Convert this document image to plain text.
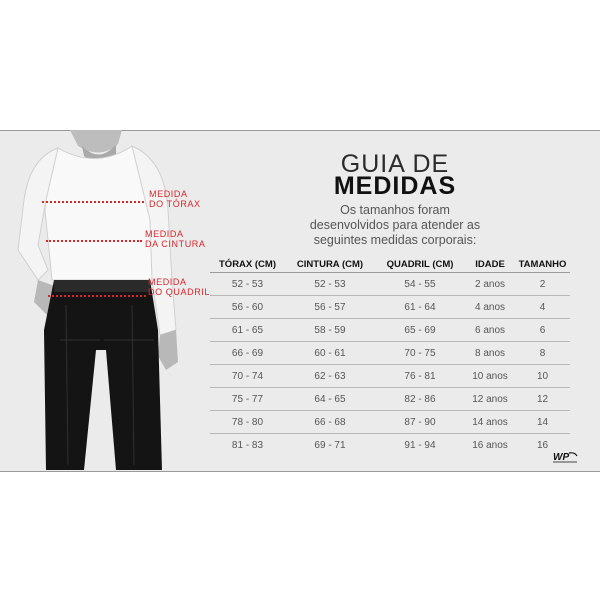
MEDIDA
DO TÓRAX
MEDIDA
DA CINTURA
MEDIDA
DO QUADRIL
GUIA DE
MEDIDAS
Os tamanhos foram
desenvolvidos para atender as
seguintes medidas corporais:
TÓRAX (CM)	CINTURA (CM)	QUADRIL (CM)	IDADE	TAMANHO
52 - 53	52 - 53	54 - 55	2 anos	2
56 - 60	56 - 57	61 - 64	4 anos	4
61 - 65	58 - 59	65 - 69	6 anos	6
66 - 69	60 - 61	70 - 75	8 anos	8
70 - 74	62 - 63	76 - 81	10 anos	10
75 - 77	64 - 65	82 - 86	12 anos	12
78 - 80	66 - 68	87 - 90	14 anos	14
81 - 83	69 - 71	91 - 94	16 anos	16
WP
